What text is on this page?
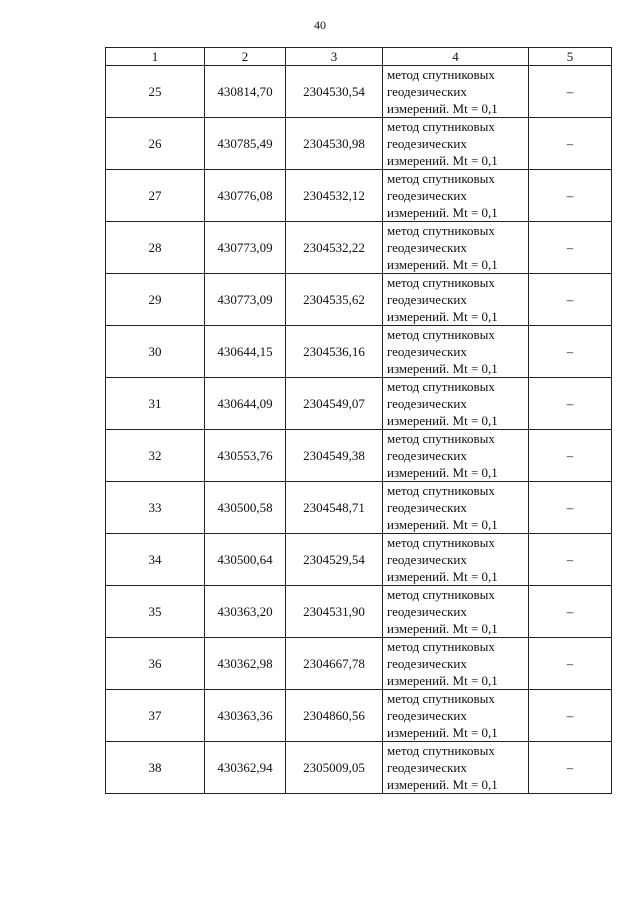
40
1	2	3	4	5
25	430814,70	2304530,54	метод спутниковых
геодезических
измерений. Mt = 0,1	–
26	430785,49	2304530,98	метод спутниковых
геодезических
измерений. Mt = 0,1	–
27	430776,08	2304532,12	метод спутниковых
геодезических
измерений. Mt = 0,1	–
28	430773,09	2304532,22	метод спутниковых
геодезических
измерений. Mt = 0,1	–
29	430773,09	2304535,62	метод спутниковых
геодезических
измерений. Mt = 0,1	–
30	430644,15	2304536,16	метод спутниковых
геодезических
измерений. Mt = 0,1	–
31	430644,09	2304549,07	метод спутниковых
геодезических
измерений. Mt = 0,1	–
32	430553,76	2304549,38	метод спутниковых
геодезических
измерений. Mt = 0,1	–
33	430500,58	2304548,71	метод спутниковых
геодезических
измерений. Mt = 0,1	–
34	430500,64	2304529,54	метод спутниковых
геодезических
измерений. Mt = 0,1	–
35	430363,20	2304531,90	метод спутниковых
геодезических
измерений. Mt = 0,1	–
36	430362,98	2304667,78	метод спутниковых
геодезических
измерений. Mt = 0,1	–
37	430363,36	2304860,56	метод спутниковых
геодезических
измерений. Mt = 0,1	–
38	430362,94	2305009,05	метод спутниковых
геодезических
измерений. Mt = 0,1	–
